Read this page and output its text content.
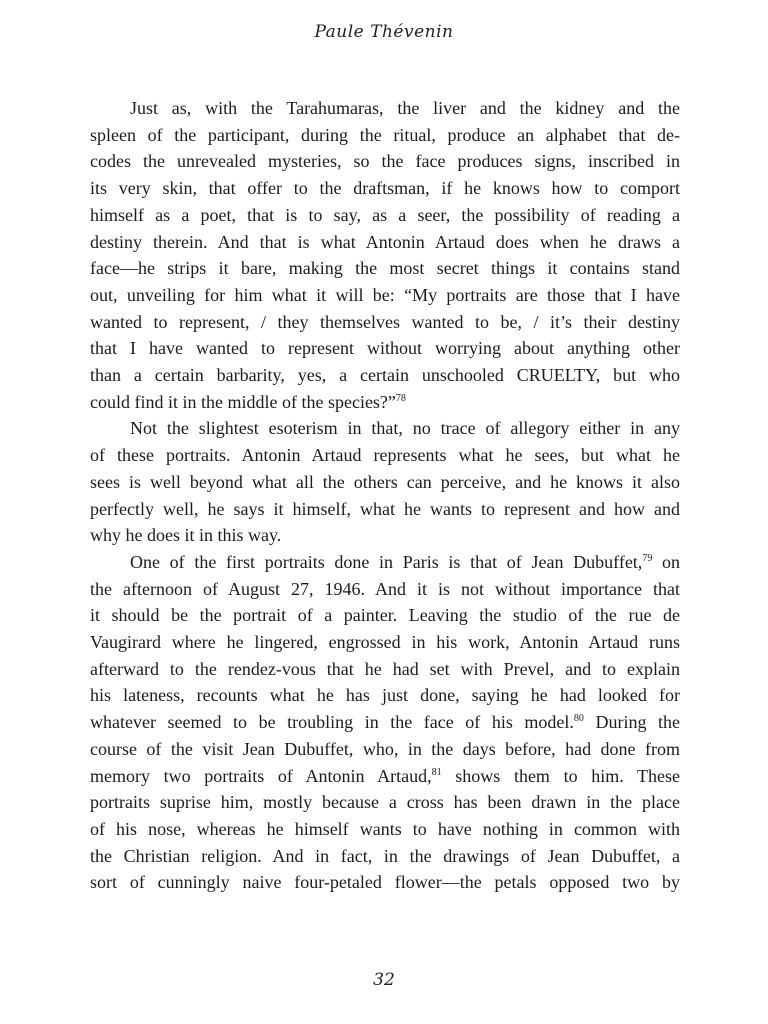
Paule Thévenin

Just as, with the Tarahumaras, the liver and the kidney and the
spleen of the participant, during the ritual, produce an alphabet that de-
codes the unrevealed mysteries, so the face produces signs, inscribed in
its very skin, that offer to the draftsman, if he knows how to comport
himself as a poet, that is to say, as a seer, the possibility of reading a
destiny therein. And that is what Antonin Artaud does when he draws a
face—he strips it bare, making the most secret things it contains stand
out, unveiling for him what it will be: “My portraits are those that I have
wanted to represent, / they themselves wanted to be, / it’s their destiny
that I have wanted to represent without worrying about anything other
than a certain barbarity, yes, a certain unschooled CRUELTY, but who
could find it in the middle of the species?”$^{78}$

Not the slightest esoterism in that, no trace of allegory either in any
of these portraits. Antonin Artaud represents what he sees, but what he
sees is well beyond what all the others can perceive, and he knows it also
perfectly well, he says it himself, what he wants to represent and how and
why he does it in this way.

One of the first portraits done in Paris is that of Jean Dubuffet,$^{79}$ on
the afternoon of August 27, 1946. And it is not without importance that
it should be the portrait of a painter. Leaving the studio of the rue de
Vaugirard where he lingered, engrossed in his work, Antonin Artaud runs
afterward to the rendez-vous that he had set with Prevel, and to explain
his lateness, recounts what he has just done, saying he had looked for
whatever seemed to be troubling in the face of his model.$^{80}$ During the
course of the visit Jean Dubuffet, who, in the days before, had done from
memory two portraits of Antonin Artaud,$^{81}$ shows them to him. These
portraits suprise him, mostly because a cross has been drawn in the place
of his nose, whereas he himself wants to have nothing in common with
the Christian religion. And in fact, in the drawings of Jean Dubuffet, a
sort of cunningly naive four-petaled flower—the petals opposed two by

32
